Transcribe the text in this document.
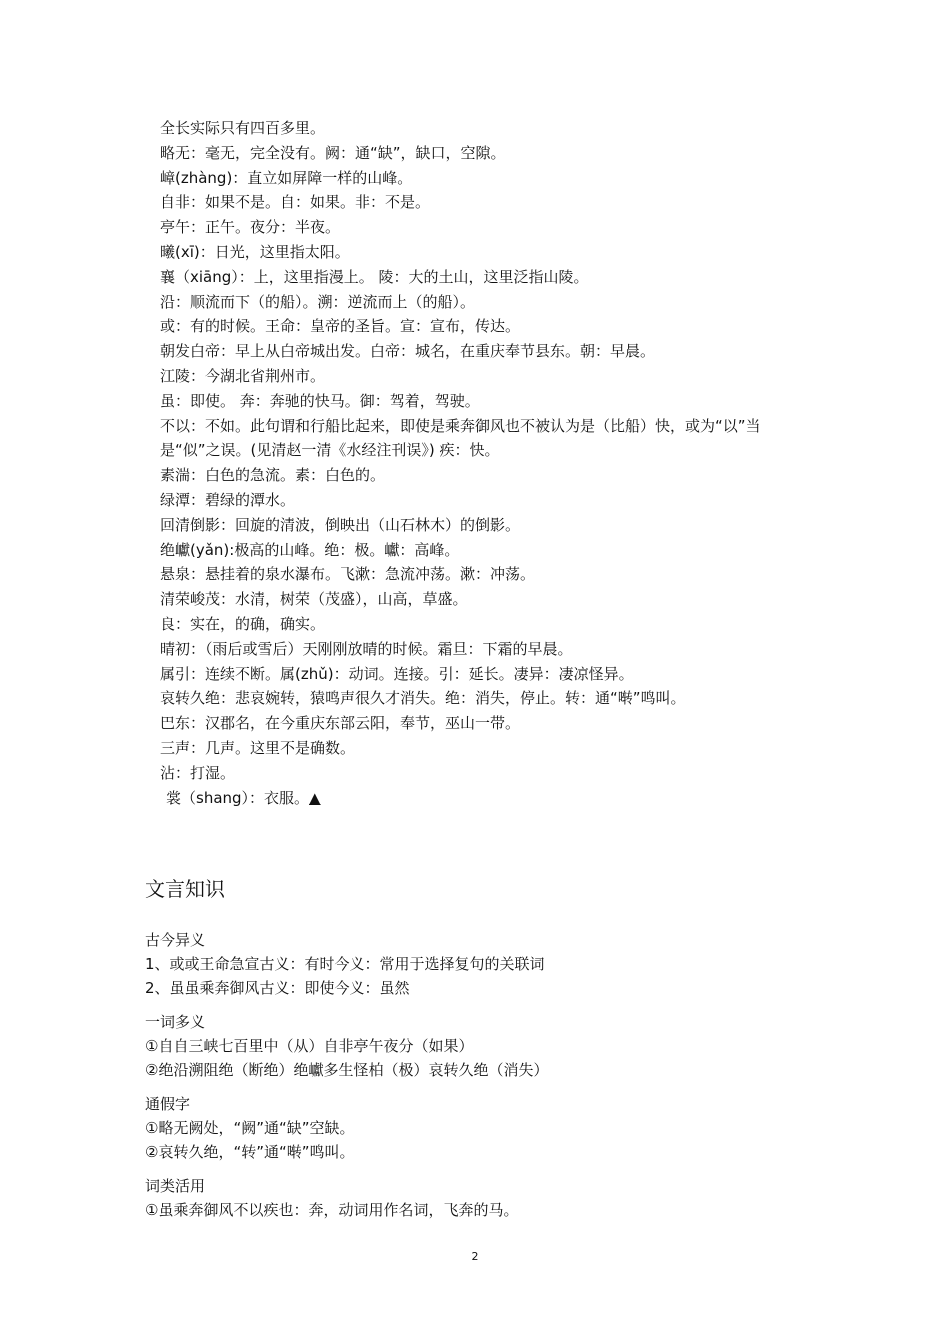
全长实际只有四百多里。
略无：毫无，完全没有。阙：通“缺”，缺口，空隙。
嶂(zhàng)：直立如屏障一样的山峰。
自非：如果不是。自：如果。非：不是。
亭午：正午。夜分：半夜。
曦(xī)：日光，这里指太阳。
襄（xiāng）：上，这里指漫上。 陵：大的土山，这里泛指山陵。
沿：顺流而下（的船）。溯：逆流而上（的船）。
或：有的时候。王命：皇帝的圣旨。宣：宣布，传达。
朝发白帝：早上从白帝城出发。白帝：城名，在重庆奉节县东。朝：早晨。
江陵：今湖北省荆州市。
虽：即使。 奔：奔驰的快马。御：驾着，驾驶。
不以：不如。此句谓和行船比起来，即使是乘奔御风也不被认为是（比船）快，或为“以”当是“似”之误。(见清赵一清《水经注刊误》) 疾：快。
素湍：白色的急流。素：白色的。
绿潭：碧绿的潭水。
回清倒影：回旋的清波，倒映出（山石林木）的倒影。
绝巘(yǎn):极高的山峰。绝：极。巘：高峰。
悬泉：悬挂着的泉水瀑布。飞漱：急流冲荡。漱：冲荡。
清荣峻茂：水清，树荣（茂盛），山高，草盛。
良：实在，的确，确实。
晴初：（雨后或雪后）天刚刚放晴的时候。霜旦：下霜的早晨。
属引：连续不断。属(zhǔ)：动词。连接。引：延长。凄异：凄凉怪异。
哀转久绝：悲哀婉转，猿鸣声很久才消失。绝：消失，停止。转：通“啭”鸣叫。
巴东：汉郡名，在今重庆东部云阳，奉节，巫山一带。
三声：几声。这里不是确数。
沾：打湿。
裳（shang）：衣服。▲
文言知识
古今异义
1、或或王命急宣古义：有时今义：常用于选择复句的关联词
2、虽虽乘奔御风古义：即使今义：虽然
一词多义
①自自三峡七百里中（从）自非亭午夜分（如果）
②绝沿溯阻绝（断绝）绝巘多生怪柏（极）哀转久绝（消失）
通假字
①略无阙处，“阙”通“缺”空缺。
②哀转久绝，“转”通“啭”鸣叫。
词类活用
①虽乘奔御风不以疾也：奔，动词用作名词，飞奔的马。
2
